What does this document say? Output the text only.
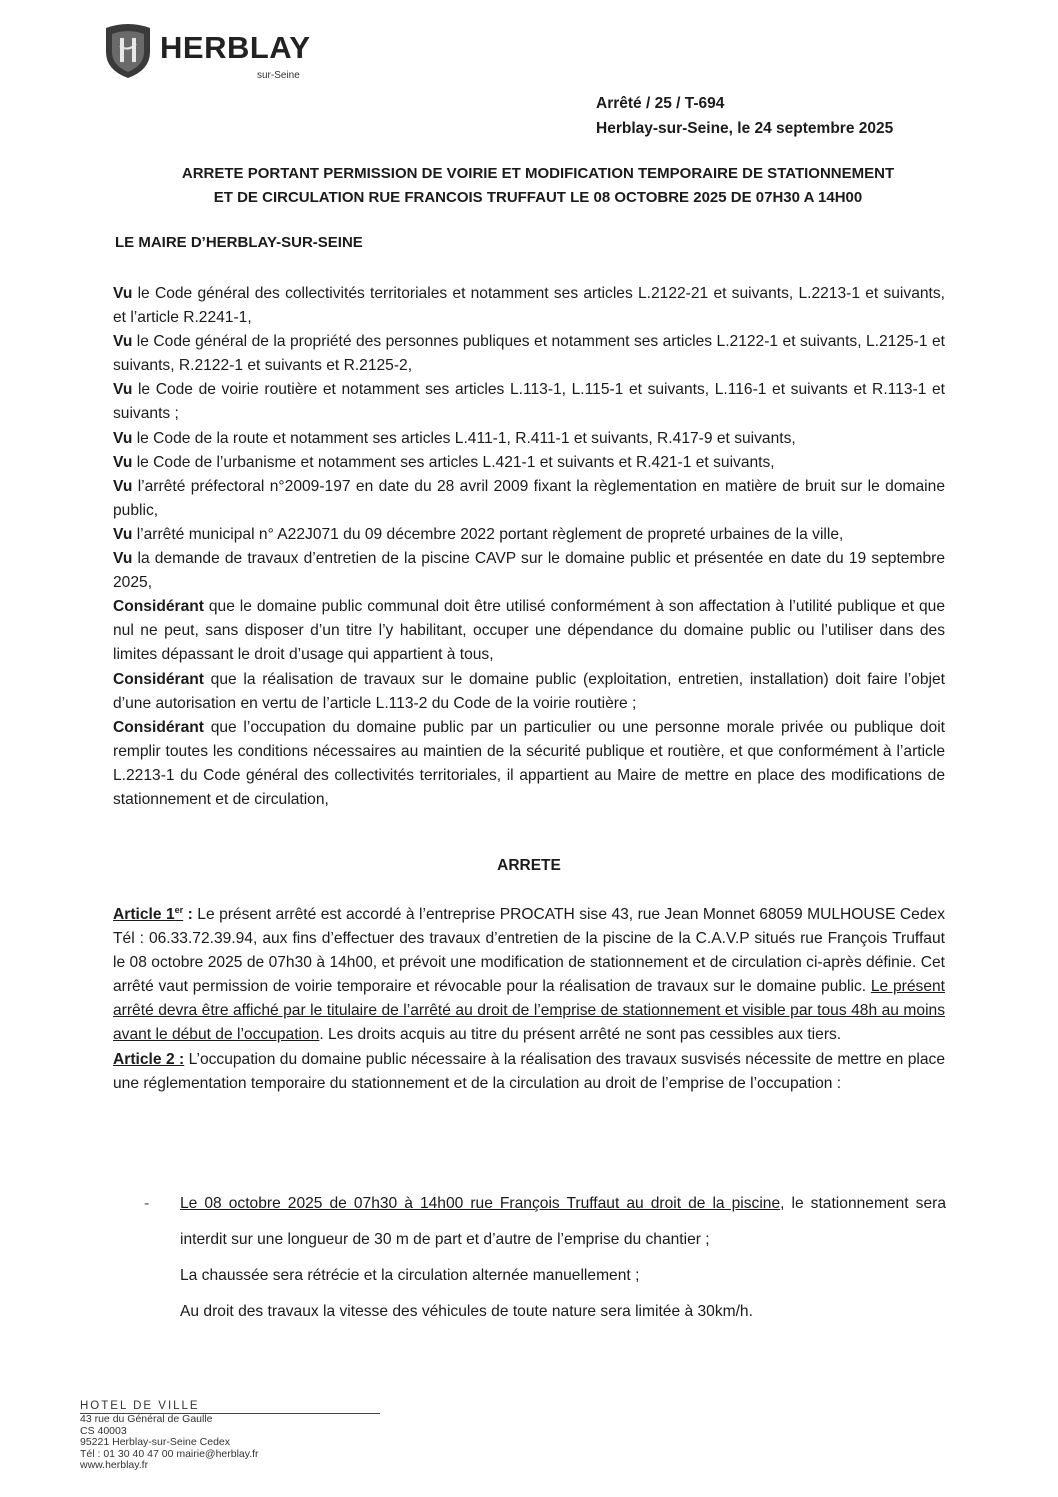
HERBLAY
sur-Seine
Arrêté / 25 / T-694
Herblay-sur-Seine, le 24 septembre 2025
ARRETE PORTANT PERMISSION DE VOIRIE ET MODIFICATION TEMPORAIRE DE STATIONNEMENT
ET DE CIRCULATION RUE FRANCOIS TRUFFAUT LE 08 OCTOBRE 2025 DE 07H30 A 14H00
LE MAIRE D’HERBLAY-SUR-SEINE

Vu le Code général des collectivités territoriales et notamment ses articles L.2122-21 et suivants, L.2213-1 et suivants, et l’article R.2241-1,

Vu le Code général de la propriété des personnes publiques et notamment ses articles L.2122-1 et suivants, L.2125-1 et suivants, R.2122-1 et suivants et R.2125-2,

Vu le Code de voirie routière et notamment ses articles L.113-1, L.115-1 et suivants, L.116-1 et suivants et R.113-1 et suivants ;

Vu le Code de la route et notamment ses articles L.411-1, R.411-1 et suivants, R.417-9 et suivants,

Vu le Code de l’urbanisme et notamment ses articles L.421-1 et suivants et R.421-1 et suivants,

Vu l’arrêté préfectoral n°2009-197 en date du 28 avril 2009 fixant la règlementation en matière de bruit sur le domaine public,

Vu l’arrêté municipal n° A22J071 du 09 décembre 2022 portant règlement de propreté urbaines de la ville,

Vu la demande de travaux d’entretien de la piscine CAVP sur le domaine public et présentée en date du 19 septembre 2025,

Considérant que le domaine public communal doit être utilisé conformément à son affectation à l’utilité publique et que nul ne peut, sans disposer d’un titre l’y habilitant, occuper une dépendance du domaine public ou l’utiliser dans des limites dépassant le droit d’usage qui appartient à tous,

Considérant que la réalisation de travaux sur le domaine public (exploitation, entretien, installation) doit faire l’objet d’une autorisation en vertu de l’article L.113-2 du Code de la voirie routière ;

Considérant que l’occupation du domaine public par un particulier ou une personne morale privée ou publique doit remplir toutes les conditions nécessaires au maintien de la sécurité publique et routière, et que conformément à l’article L.2213-1 du Code général des collectivités territoriales, il appartient au Maire de mettre en place des modifications de stationnement et de circulation,

ARRETE

Article 1er : Le présent arrêté est accordé à l’entreprise PROCATH sise 43, rue Jean Monnet 68059 MULHOUSE Cedex Tél : 06.33.72.39.94, aux fins d’effectuer des travaux d’entretien de la piscine de la C.A.V.P situés rue François Truffaut le 08 octobre 2025 de 07h30 à 14h00, et prévoit une modification de stationnement et de circulation ci-après définie. Cet arrêté vaut permission de voirie temporaire et révocable pour la réalisation de travaux sur le domaine public. Le présent arrêté devra être affiché par le titulaire de l’arrêté au droit de l’emprise de stationnement et visible par tous 48h au moins avant le début de l’occupation. Les droits acquis au titre du présent arrêté ne sont pas cessibles aux tiers.

Article 2 : L’occupation du domaine public nécessaire à la réalisation des travaux susvisés nécessite de mettre en place une réglementation temporaire du stationnement et de la circulation au droit de l’emprise de l’occupation :

- Le 08 octobre 2025 de 07h30 à 14h00 rue François Truffaut au droit de la piscine, le stationnement sera interdit sur une longueur de 30 m de part et d’autre de l’emprise du chantier ;
La chaussée sera rétrécie et la circulation alternée manuellement ;
Au droit des travaux la vitesse des véhicules de toute nature sera limitée à 30km/h.
HOTEL DE VILLE
43 rue du Général de Gaulle
CS 40003
95221 Herblay-sur-Seine Cedex
Tél : 01 30 40 47 00 mairie@herblay.fr
www.herblay.fr
